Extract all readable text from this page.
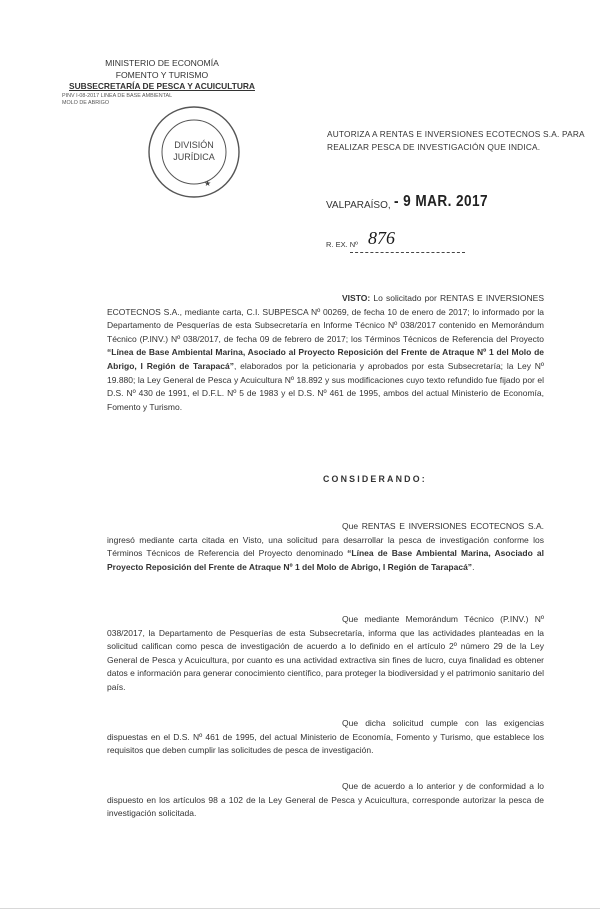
MINISTERIO DE ECONOMÍA
FOMENTO Y TURISMO
SUBSECRETARÍA DE PESCA Y ACUICULTURA
PINV I-08-2017 LINEA DE BASE AMBIENTAL
MOLO DE ABRIGO
DIVISIÓN
JURÍDICA
★
AUTORIZA A RENTAS E INVERSIONES ECOTECNOS S.A. PARA REALIZAR PESCA DE INVESTIGACIÓN QUE INDICA.
VALPARAÍSO, - 9 MAR. 2017
R. EX. Nº 876
VISTO: Lo solicitado por RENTAS E INVERSIONES ECOTECNOS S.A., mediante carta, C.I. SUBPESCA Nº 00269, de fecha 10 de enero de 2017; lo informado por la Departamento de Pesquerías de esta Subsecretaría en Informe Técnico Nº 038/2017 contenido en Memorándum Técnico (P.INV.) Nº 038/2017, de fecha 09 de febrero de 2017; los Términos Técnicos de Referencia del Proyecto “Línea de Base Ambiental Marina, Asociado al Proyecto Reposición del Frente de Atraque Nº 1 del Molo de Abrigo, I Región de Tarapacá”, elaborados por la peticionaria y aprobados por esta Subsecretaría; la Ley Nº 19.880; la Ley General de Pesca y Acuicultura Nº 18.892 y sus modificaciones cuyo texto refundido fue fijado por el D.S. Nº 430 de 1991, el D.F.L. Nº 5 de 1983 y el D.S. Nº 461 de 1995, ambos del actual Ministerio de Economía, Fomento y Turismo.
CONSIDERANDO:
Que RENTAS E INVERSIONES ECOTECNOS S.A. ingresó mediante carta citada en Visto, una solicitud para desarrollar la pesca de investigación conforme los Términos Técnicos de Referencia del Proyecto denominado “Línea de Base Ambiental Marina, Asociado al Proyecto Reposición del Frente de Atraque Nº 1 del Molo de Abrigo, I Región de Tarapacá”.
Que mediante Memorándum Técnico (P.INV.) Nº 038/2017, la Departamento de Pesquerías de esta Subsecretaría, informa que las actividades planteadas en la solicitud califican como pesca de investigación de acuerdo a lo definido en el artículo 2º número 29 de la Ley General de Pesca y Acuicultura, por cuanto es una actividad extractiva sin fines de lucro, cuya finalidad es obtener datos e información para generar conocimiento científico, para proteger la biodiversidad y el patrimonio sanitario del país.
Que dicha solicitud cumple con las exigencias dispuestas en el D.S. Nº 461 de 1995, del actual Ministerio de Economía, Fomento y Turismo, que establece los requisitos que deben cumplir las solicitudes de pesca de investigación.
Que de acuerdo a lo anterior y de conformidad a lo dispuesto en los artículos 98 a 102 de la Ley General de Pesca y Acuicultura, corresponde autorizar la pesca de investigación solicitada.
